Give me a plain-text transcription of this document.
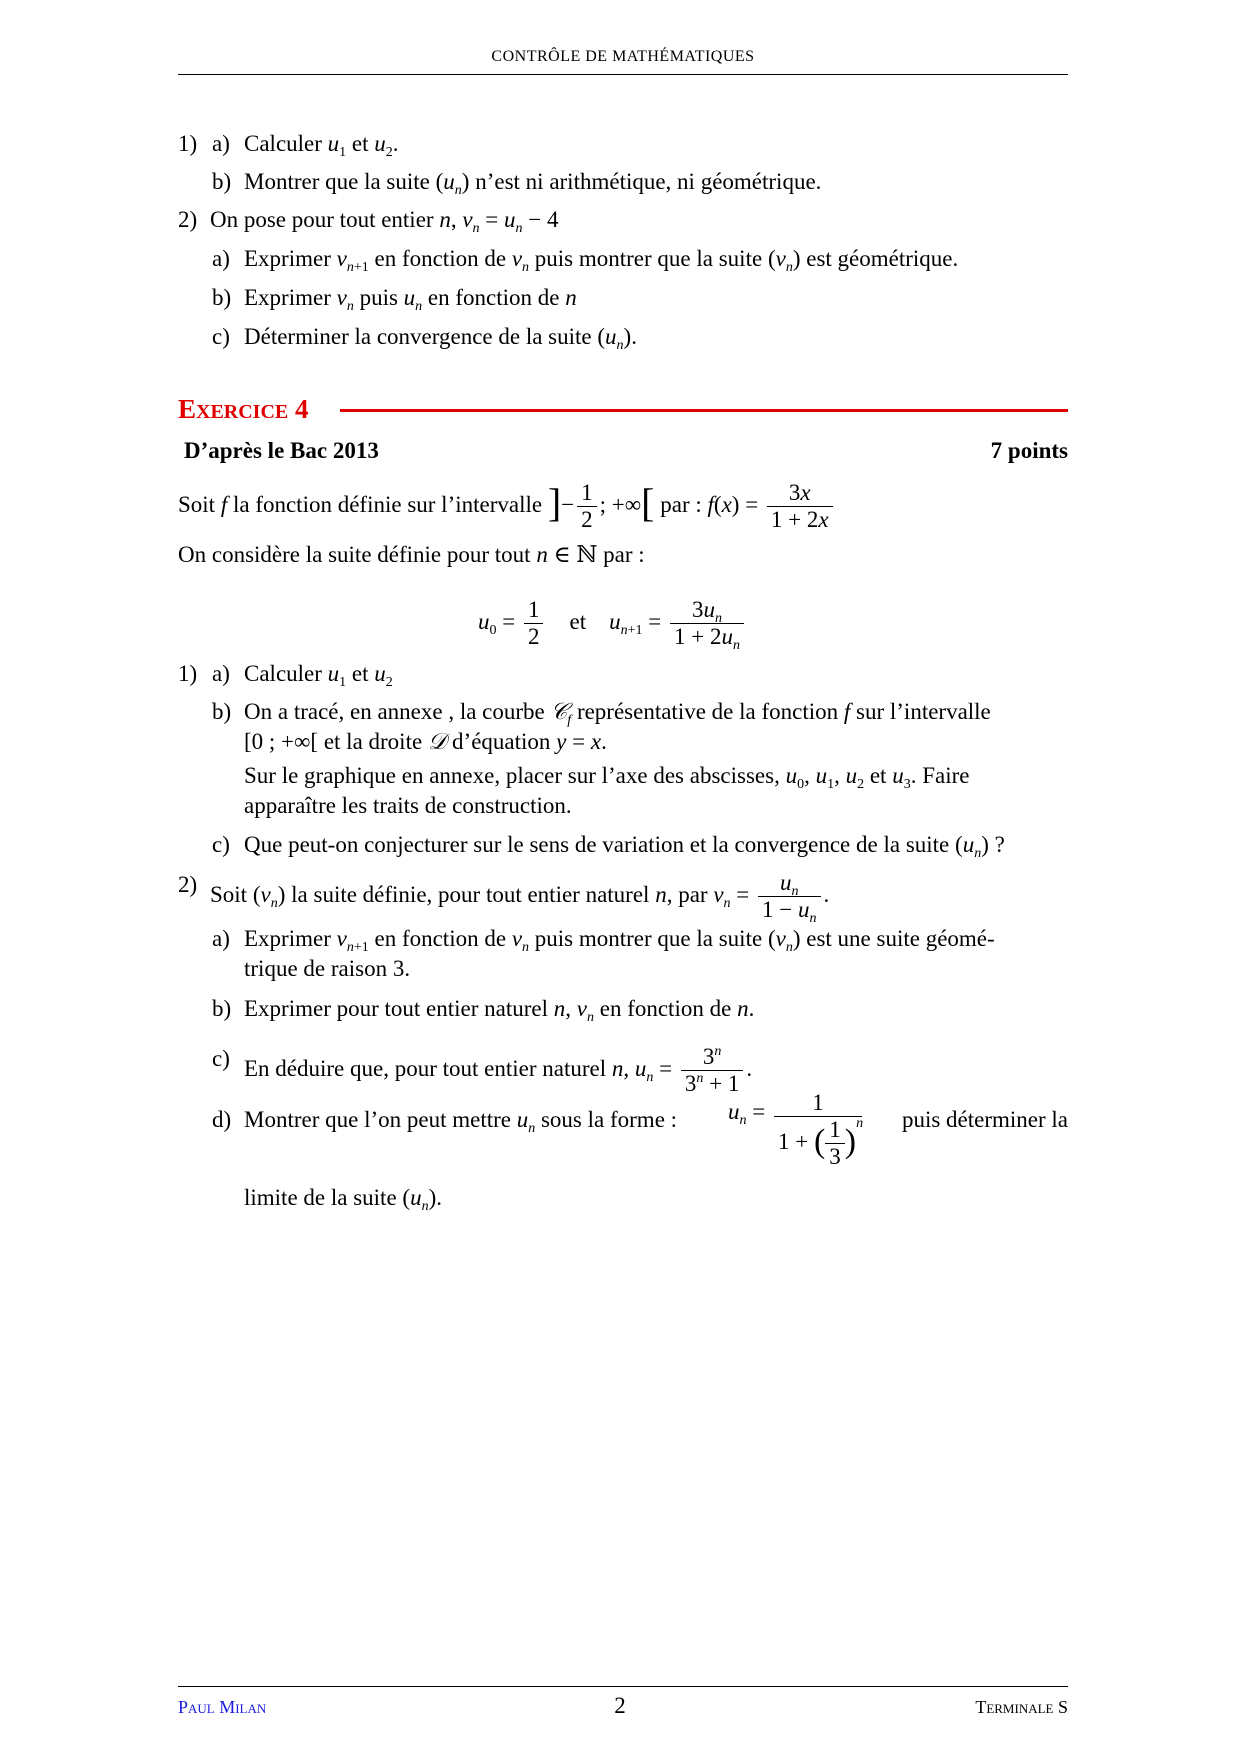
CONTRÔLE DE MATHÉMATIQUES
1) a) Calculer $u_1$ et $u_2$.
b) Montrer que la suite $(u_n)$ n’est ni arithmétique, ni géométrique.
2) On pose pour tout entier n, $v_n = u_n - 4$
a) Exprimer $v_{n+1}$ en fonction de $v_n$ puis montrer que la suite $(v_n)$ est géométrique.
b) Exprimer $v_n$ puis $u_n$ en fonction de n
c) Déterminer la convergence de la suite $(u_n)$.
EXERCICE 4
D’après le Bac 2013	7 points
Soit f la fonction définie sur l’intervalle ]− $\frac{1}{2}$ ; +∞[ par : $f(x) = \frac{3x}{1 + 2x}$
On considère la suite définie pour tout n ∈ ℕ par :
$u_0 = \frac{1}{2}$ et $u_{n+1} = \frac{3u_n}{1 + 2u_n}$
1) a) Calculer $u_1$ et $u_2$
b) On a tracé, en annexe , la courbe 𝒞$_f$ représentative de la fonction f sur l’intervalle
[0 ; +∞[ et la droite 𝒟 d’équation y = x.
Sur le graphique en annexe, placer sur l’axe des abscisses, $u_0$, $u_1$, $u_2$ et $u_3$. Faire
apparaître les traits de construction.
c) Que peut-on conjecturer sur le sens de variation et la convergence de la suite $(u_n)$ ?
2) Soit $(v_n)$ la suite définie, pour tout entier naturel n, par $v_n = \frac{u_n}{1 - u_n}$ .
a) Exprimer $v_{n+1}$ en fonction de $v_n$ puis montrer que la suite $(v_n)$ est une suite géomé-
trique de raison 3.
b) Exprimer pour tout entier naturel n, $v_n$ en fonction de n.
c) En déduire que, pour tout entier naturel n, $u_n = \frac{3^n}{3^n + 1}$ .
d) Montrer que l’on peut mettre $u_n$ sous la forme : $u_n = \frac{1}{1 + ( \frac{1}{3} )^n}$ puis déterminer la
limite de la suite $(u_n)$.
Paul Milan	2	Terminale S
